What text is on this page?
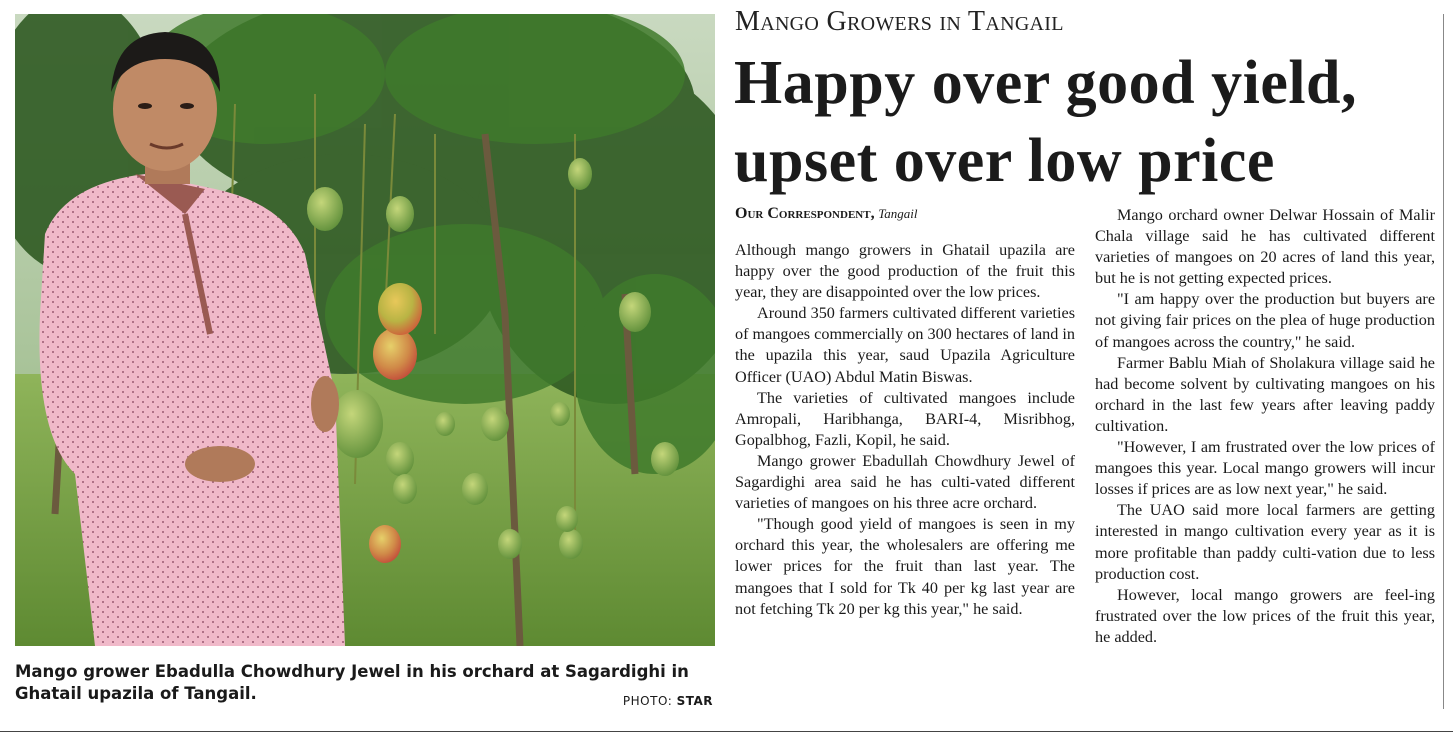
Mango grower Ebadulla Chowdhury Jewel in his orchard at Sagardighi in Ghatail upazila of Tangail.	PHOTO: STAR
Mango Growers in Tangail
Happy over good yield, upset over low price
Our Correspondent, Tangail

Although mango growers in Ghatail upazila are happy over the good production of the fruit this year, they are disappointed over the low prices.

Around 350 farmers cultivated different varieties of mangoes commercially on 300 hectares of land in the upazila this year, saud Upazila Agriculture Officer (UAO) Abdul Matin Biswas.

The varieties of cultivated mangoes include Amropali, Haribhanga, BARI-4, Misribhog, Gopalbhog, Fazli, Kopil, he said.

Mango grower Ebadullah Chowdhury Jewel of Sagardighi area said he has culti-vated different varieties of mangoes on his three acre orchard.

"Though good yield of mangoes is seen in my orchard this year, the wholesalers are offering me lower prices for the fruit than last year. The mangoes that I sold for Tk 40 per kg last year are not fetching Tk 20 per kg this year," he said.

Mango orchard owner Delwar Hossain of Malir Chala village said he has cultivated different varieties of mangoes on 20 acres of land this year, but he is not getting expected prices.

"I am happy over the production but buyers are not giving fair prices on the plea of huge production of mangoes across the country," he said.

Farmer Bablu Miah of Sholakura village said he had become solvent by cultivating mangoes on his orchard in the last few years after leaving paddy cultivation.

"However, I am frustrated over the low prices of mangoes this year. Local mango growers will incur losses if prices are as low next year," he said.

The UAO said more local farmers are getting interested in mango cultivation every year as it is more profitable than paddy culti-vation due to less production cost.

However, local mango growers are feel-ing frustrated over the low prices of the fruit this year, he added.
